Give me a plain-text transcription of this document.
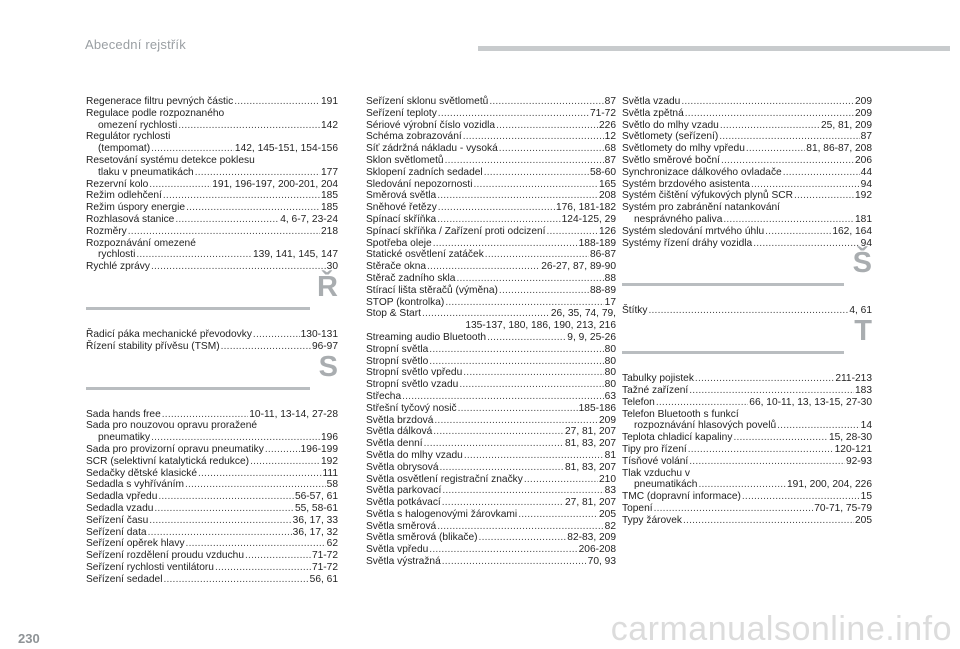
Abecední rejstřík
Regenerace filtru pevných částic .....	191
Regulace podle rozpoznaného
omezení rychlosti .....	142
Regulátor rychlosti
(tempomat) .....	142, 145-151, 154-156
Resetování systému detekce poklesu
tlaku v pneumatikách .....	177
Rezervní kolo .....	191, 196-197, 200-201, 204
Režim odlehčení .....	185
Režim úspory energie .....	185
Rozhlasová stanice .....	4, 6-7, 23-24
Rozměry .....	218
Rozpoznávání omezené
rychlosti .....	139, 141, 145, 147
Rychlé zprávy .....	30
Ř
Řadicí páka mechanické převodovky .....	130-131
Řízení stability přívěsu (TSM) .....	96-97
S
Sada hands free .....	10-11, 13-14, 27-28
Sada pro nouzovou opravu proražené
pneumatiky .....	196
Sada pro provizorní opravu pneumatiky .....	196-199
SCR (selektivní katalytická redukce) .....	192
Sedačky dětské klasické .....	111
Sedadla s vyhříváním .....	58
Sedadla vpředu .....	56-57, 61
Sedadla vzadu .....	55, 58-61
Seřízení času .....	36, 17, 33
Seřízení data .....	36, 17, 32
Seřízení opěrek hlavy .....	62
Seřízení rozdělení proudu vzduchu .....	71-72
Seřízení rychlosti ventilátoru .....	71-72
Seřízení sedadel .....	56, 61
Seřízení sklonu světlometů .....	87
Seřízení teploty .....	71-72
Sériové výrobní číslo vozidla .....	226
Schéma zobrazování .....	12
Síť zádržná nákladu - vysoká .....	68
Sklon světlometů .....	87
Sklopení zadních sedadel .....	58-60
Sledování nepozornosti .....	165
Směrová světla .....	208
Sněhové řetězy .....	176, 181-182
Spínací skříňka .....	124-125, 29
Spínací skříňka / Zařízení proti odcizení .....	126
Spotřeba oleje .....	188-189
Statické osvětlení zatáček .....	86-87
Stěrače okna .....	26-27, 87, 89-90
Stěrač zadního skla .....	88
Stírací lišta stěračů (výměna) .....	88-89
STOP (kontrolka) .....	17
Stop & Start .....	26, 35, 74, 79,
135-137, 180, 186, 190, 213, 216
Streaming audio Bluetooth .....	9, 9, 25-26
Stropní světla .....	80
Stropní světlo .....	80
Stropní světlo vpředu .....	80
Stropní světlo vzadu .....	80
Střecha .....	63
Střešní tyčový nosič .....	185-186
Světla brzdová .....	209
Světla dálková .....	27, 81, 207
Světla denní .....	81, 83, 207
Světla do mlhy vzadu .....	81
Světla obrysová .....	81, 83, 207
Světla osvětlení registrační značky .....	210
Světla parkovací .....	83
Světla potkávací .....	27, 81, 207
Světla s halogenovými žárovkami .....	205
Světla směrová .....	82
Světla směrová (blikače) .....	82-83, 209
Světla vpředu .....	206-208
Světla výstražná .....	70, 93
Světla vzadu .....	209
Světla zpětná .....	209
Světlo do mlhy vzadu .....	25, 81, 209
Světlomety (seřízení) .....	87
Světlomety do mlhy vpředu .....	81, 86-87, 208
Světlo směrové boční .....	206
Synchronizace dálkového ovladače .....	44
Systém brzdového asistenta .....	94
Systém čištění výfukových plynů SCR .....	192
Systém pro zabránění natankování
nesprávného paliva .....	181
Systém sledování mrtvého úhlu .....	162, 164
Systémy řízení dráhy vozidla .....	94
Š
Štítky .....	4, 61
T
Tabulky pojistek .....	211-213
Tažné zařízení .....	183
Telefon .....	66, 10-11, 13, 13-15, 27-30
Telefon Bluetooth s funkcí
rozpoznávání hlasových povelů .....	14
Teplota chladicí kapaliny .....	15, 28-30
Tipy pro řízení .....	120-121
Tísňové volání .....	92-93
Tlak vzduchu v
pneumatikách .....	191, 200, 204, 226
TMC (dopravní informace) .....	15
Topení .....	70-71, 75-79
Typy žárovek .....	205
230	carmanualsonline.info
